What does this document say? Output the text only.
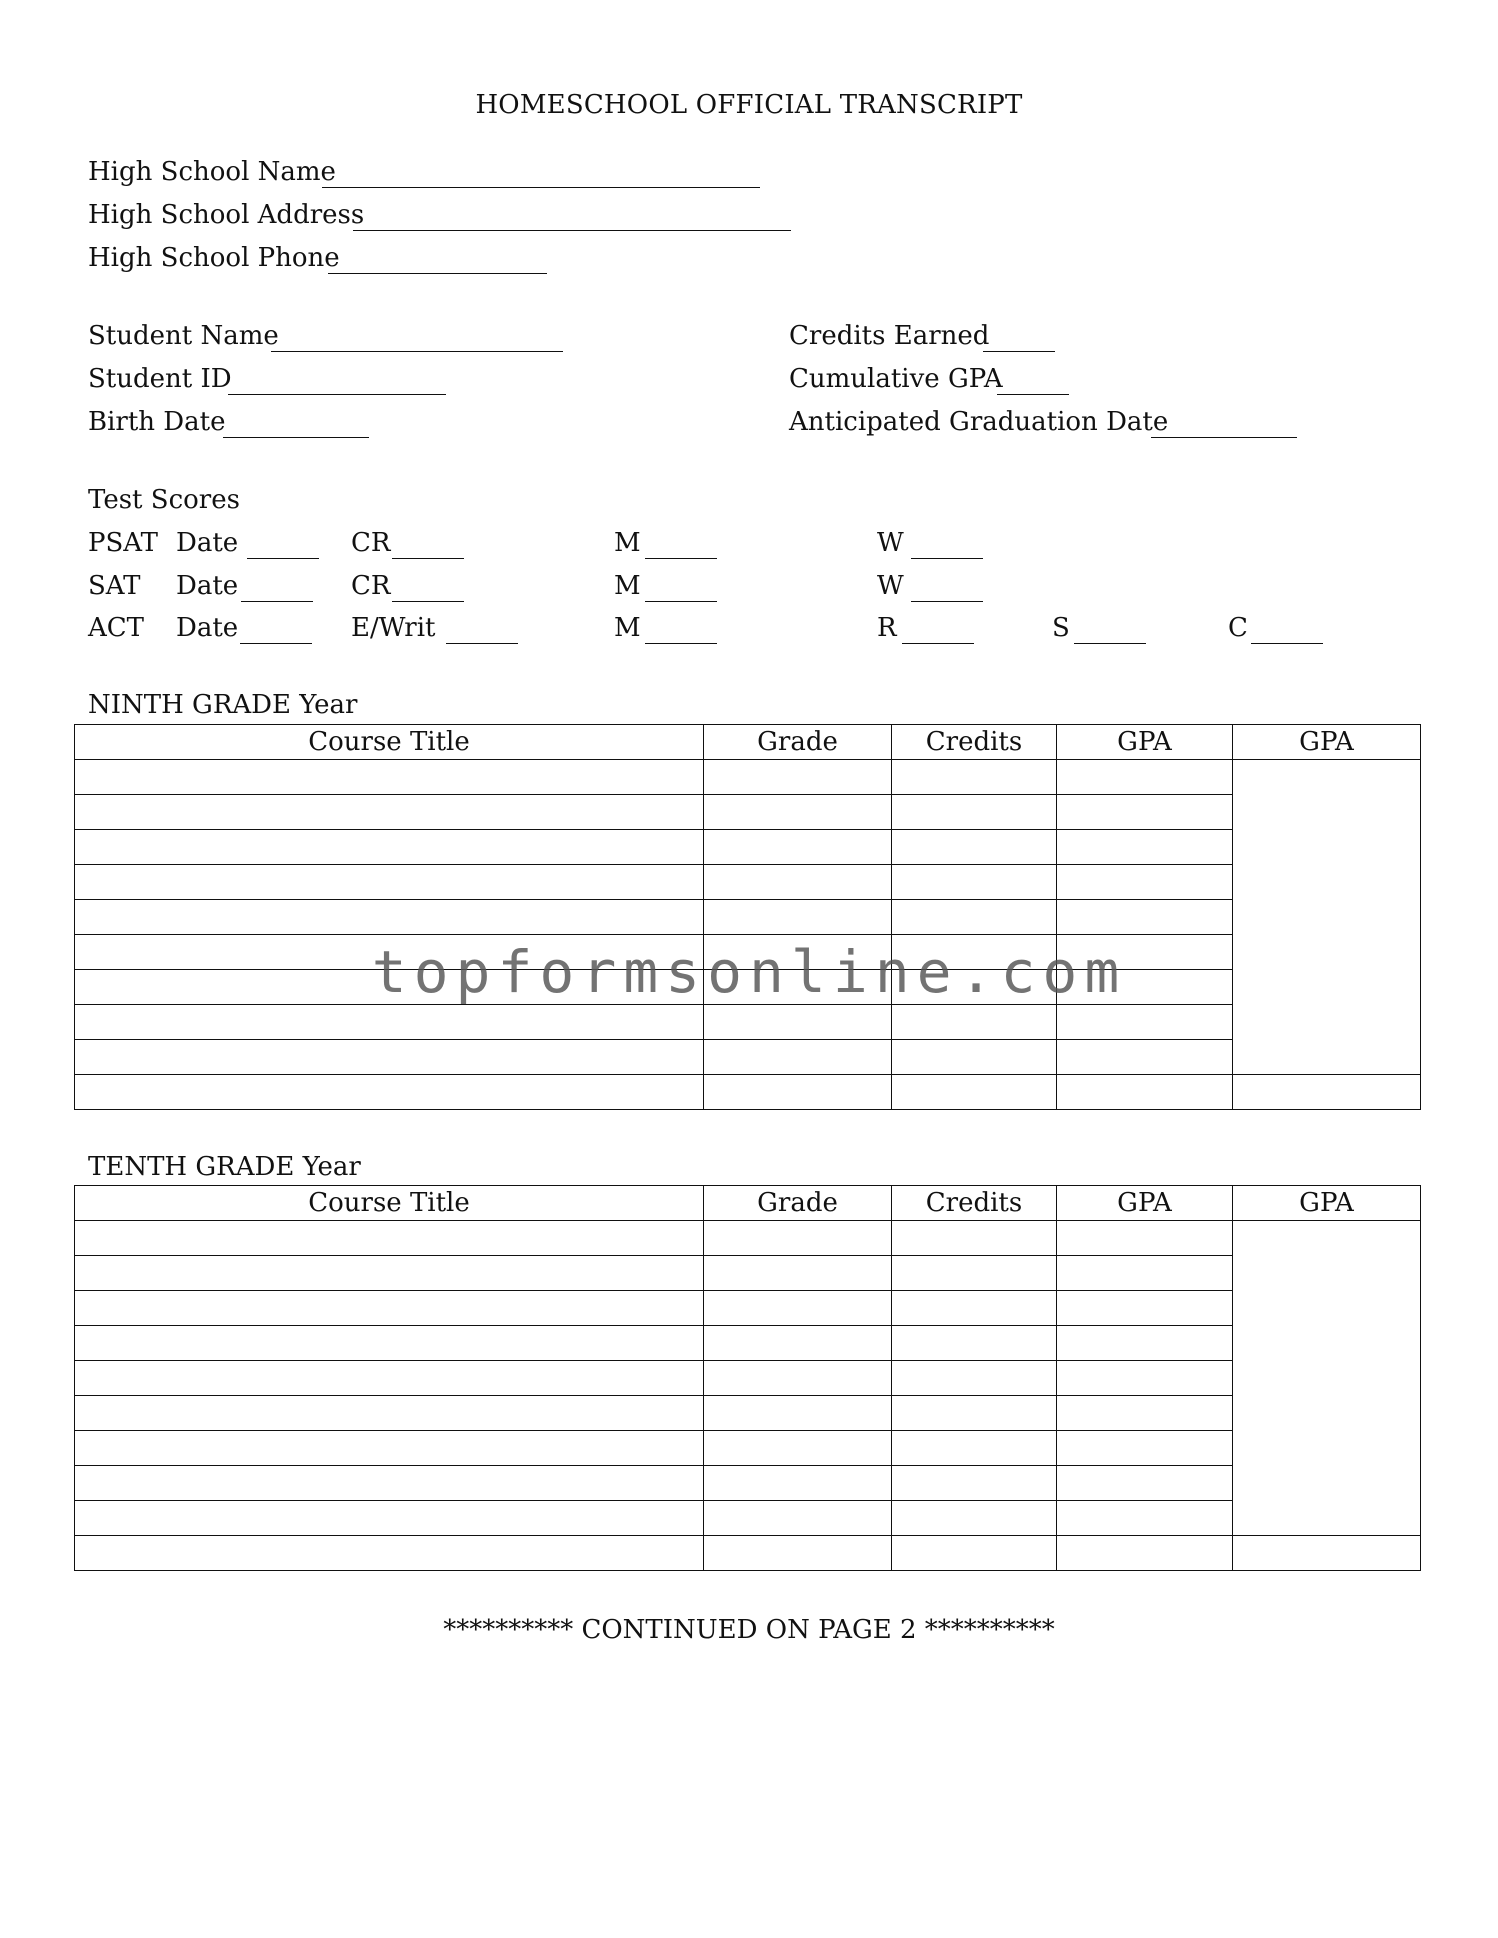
HOMESCHOOL OFFICIAL TRANSCRIPT
High School Name
High School Address
High School Phone
Student Name
Student ID
Birth Date
Credits Earned
Cumulative GPA
Anticipated Graduation Date
Test Scores
PSAT Date	CR	M	W
SAT Date	CR	M	W
ACT Date	E/Writ	M	R	S	C
NINTH GRADE Year
Course Title	Grade	Credits	GPA	GPA

TENTH GRADE Year
Course Title	Grade	Credits	GPA	GPA

topformsonline.com
********** CONTINUED ON PAGE 2 **********
